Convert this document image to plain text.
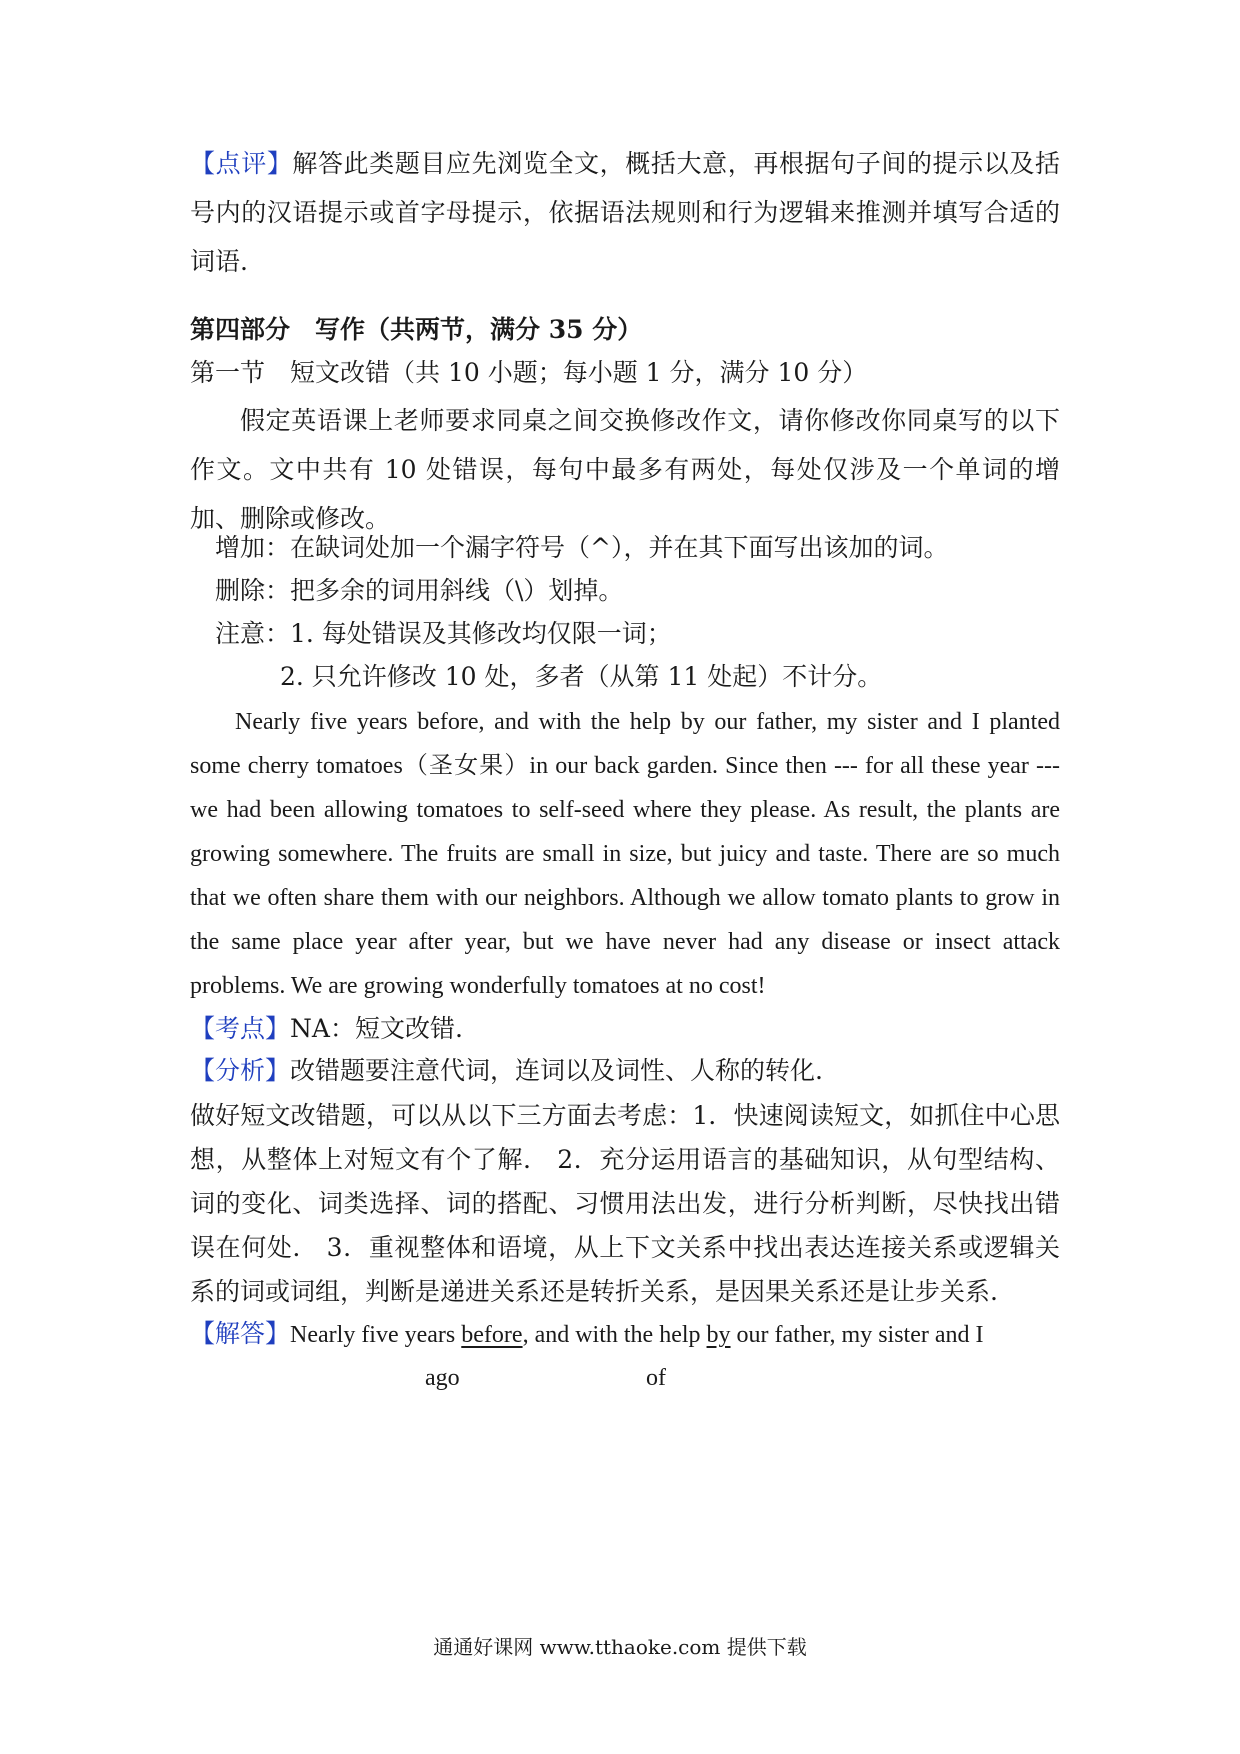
【点评】解答此类题目应先浏览全文，概括大意，再根据句子间的提示以及括号内的汉语提示或首字母提示，依据语法规则和行为逻辑来推测并填写合适的词语.

第四部分　写作（共两节，满分 35 分）

第一节　短文改错（共 10 小题；每小题 1 分，满分 10 分）

假定英语课上老师要求同桌之间交换修改作文，请你修改你同桌写的以下作文。文中共有 10 处错误，每句中最多有两处，每处仅涉及一个单词的增加、删除或修改。

增加：在缺词处加一个漏字符号（^），并在其下面写出该加的词。

删除：把多余的词用斜线（\）划掉。

注意：1. 每处错误及其修改均仅限一词；

2. 只允许修改 10 处，多者（从第 11 处起）不计分。

Nearly five years before, and with the help by our father, my sister and I planted some cherry tomatoes（圣女果）in our back garden. Since then --- for all these year --- we had been allowing tomatoes to self-seed where they please. As result, the plants are growing somewhere. The fruits are small in size, but juicy and taste. There are so much that we often share them with our neighbors. Although we allow tomato plants to grow in the same place year after year, but we have never had any disease or insect attack problems. We are growing wonderfully tomatoes at no cost!

【考点】NA：短文改错.

【分析】改错题要注意代词，连词以及词性、人称的转化.

做好短文改错题，可以从以下三方面去考虑：1．快速阅读短文，如抓住中心思想，从整体上对短文有个了解． 2．充分运用语言的基础知识，从句型结构、词的变化、词类选择、词的搭配、习惯用法出发，进行分析判断，尽快找出错误在何处． 3．重视整体和语境，从上下文关系中找出表达连接关系或逻辑关系的词或词组，判断是递进关系还是转折关系，是因果关系还是让步关系.

【解答】Nearly five years before, and with the help by our father, my sister and I

ago	of

通通好课网 www.tthaoke.com 提供下载
